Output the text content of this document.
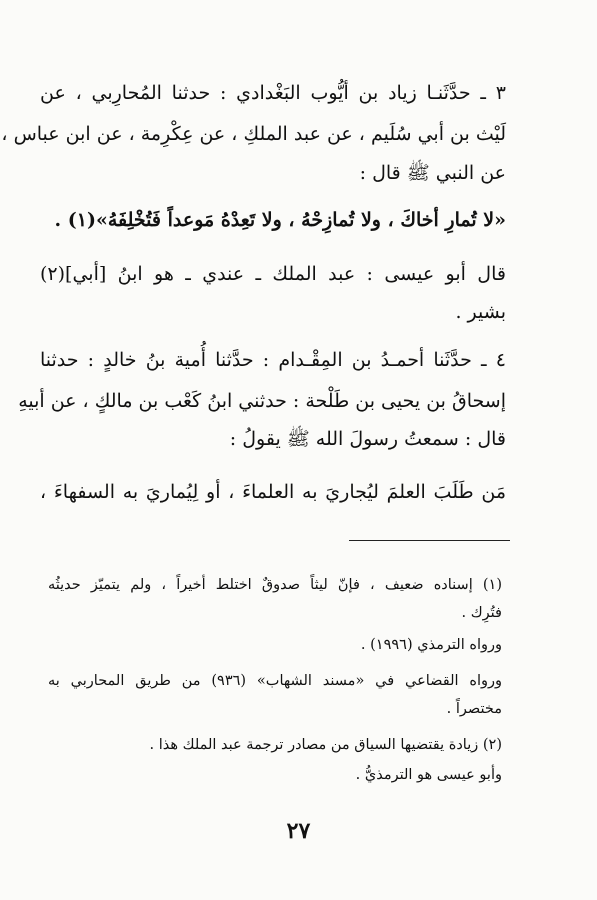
٣ ـ حدَّثَنـا زياد بن أيُّوب البَغْدادي : حدثنا المُحارِبي ، عن
لَيْث بن أبي سُلَيم ، عن عبد الملكِ ، عن عِكْرِمة ، عن ابن عباس ،
عن النبي ﷺ قال :
«لا تُمارِ أخاكَ ، ولا تُمازِحْهُ ، ولا تَعِدْهُ مَوعداً فَتُخْلِفَهُ»(١) .
قال أبو عيسى : عبد الملك ـ عندي ـ هو ابنُ [أبي](٢)
بشير .
٤ ـ حدَّثَنا أحمـدُ بن المِقْـدام : حدَّثنا أُمية بنُ خالدٍ : حدثنا
إسحاقُ بن يحيى بن طَلْحة : حدثني ابنُ كَعْب بن مالكٍ ، عن أبيهِ
قال : سمعتُ رسولَ الله ﷺ يقولُ :
مَن طَلَبَ العلمَ ليُجاريَ به العلماءَ ، أو لِيُماريَ به السفهاءَ ،
(١) إسناده ضعيف ، فإنّ ليثاً صدوقٌ اختلط أخيراً ، ولم يتميّز حديثُه
فتُرِك .
ورواه الترمذي (١٩٩٦) .
ورواه القضاعي في «مسند الشهاب» (٩٣٦) من طريق المحاربي به
مختصراً .
(٢) زيادة يقتضيها السياق من مصادر ترجمة عبد الملك هذا .
وأبو عيسى هو الترمذيُّ .
٢٧
